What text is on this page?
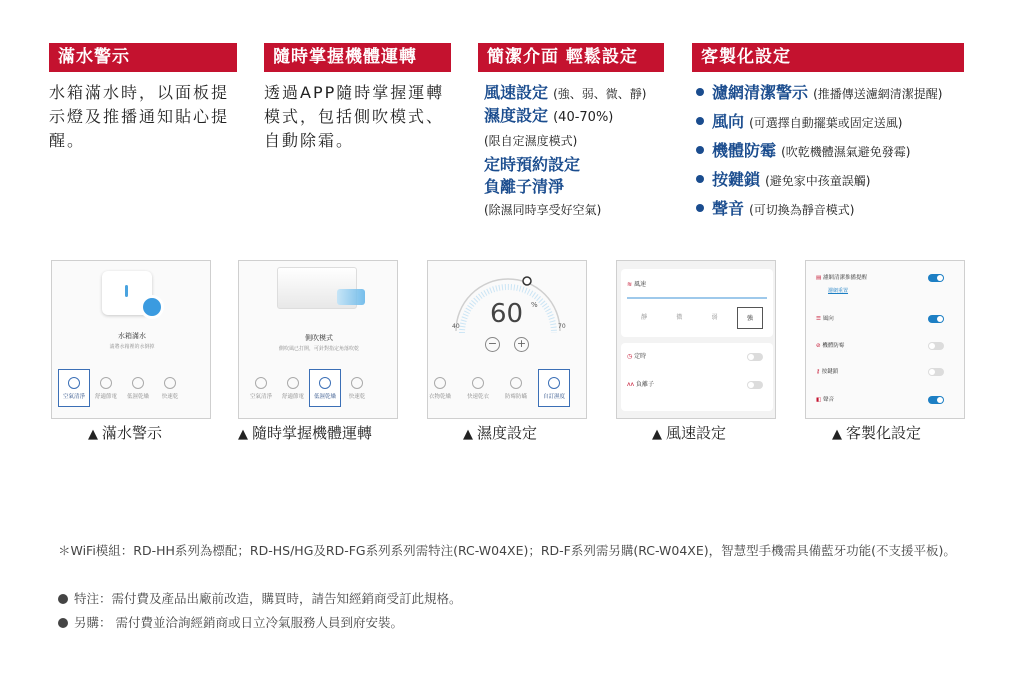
滿水警示
水箱滿水時，以面板提示燈及推播通知貼心提醒。
隨時掌握機體運轉
透過APP隨時掌握運轉模式，包括側吹模式、自動除霜。
簡潔介面 輕鬆設定
風速設定 (強、弱、微、靜)
濕度設定 (40-70%)
(限自定濕度模式)
定時預約設定
負離子清淨
(除濕同時享受好空氣)
客製化設定
濾網清潔警示 (推播傳送濾網清潔提醒)
風向 (可選擇自動擺葉或固定送風)
機體防霉 (吹乾機體濕氣避免發霉)
按鍵鎖 (避免家中孩童誤觸)
聲音 (可切換為靜音模式)
水箱滿水
請將水箱裡的水倒掉
空氣清淨 舒適節電 低濕乾燥 快速乾
側吹模式
側吹風已打開，可針對指定角落吹乾
空氣清淨 舒適節電 低濕乾燥 快速乾
60 %
40	70
− +
衣物乾燥	快速乾衣	防霉防蟎	自訂濕度
≋ 風速
靜	微	弱	強
◷ 定時
ʌʌ 負離子
▤ 濾網清潔推播提醒
濾網重置
☰ 風向
⊘ 機體防霉
⚷ 按鍵鎖
◧ 聲音
▲ 滿水警示	▲ 隨時掌握機體運轉	▲ 濕度設定	▲ 風速設定	▲ 客製化設定
＊WiFi模組：RD-HH系列為標配；RD-HS/HG及RD-FG系列系列需特注(RC-W04XE)；RD-F系列需另購(RC-W04XE)，智慧型手機需具備藍牙功能(不支援平板)。
特注：需付費及產品出廠前改造，購買時，請告知經銷商受訂此規格。
另購： 需付費並洽詢經銷商或日立冷氣服務人員到府安裝。
